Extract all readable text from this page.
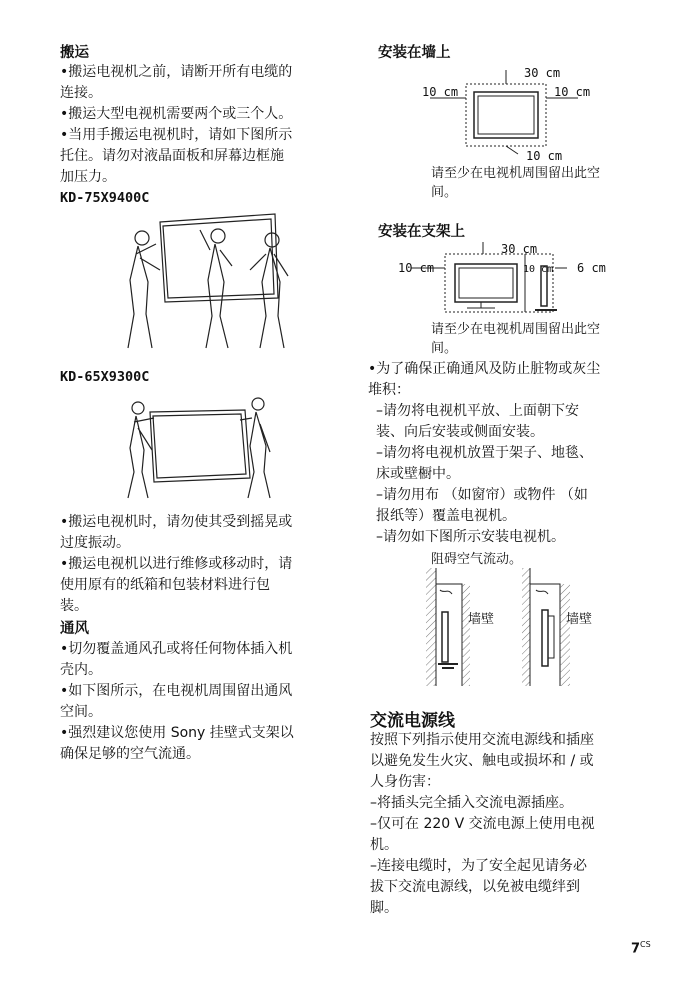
搬运
•搬运电视机之前，请断开所有电缆的
连接。
•搬运大型电视机需要两个或三个人。
•当用手搬运电视机时，请如下图所示
托住。请勿对液晶面板和屏幕边框施
加压力。
KD-75X9400C
KD-65X9300C
•搬运电视机时，请勿使其受到摇晃或
过度振动。
•搬运电视机以进行维修或移动时，请
使用原有的纸箱和包装材料进行包
装。
通风
•切勿覆盖通风孔或将任何物体插入机
壳内。
•如下图所示，在电视机周围留出通风
空间。
•强烈建议您使用 Sony 挂壁式支架以
确保足够的空气流通。
安装在墙上
30 cm
10 cm	10 cm
10 cm
请至少在电视机周围留出此空
间。
安装在支架上
30 cm
10 cm	10 cm 6 cm
请至少在电视机周围留出此空
间。
•为了确保正确通风及防止脏物或灰尘
堆积：
–请勿将电视机平放、上面朝下安
装、向后安装或侧面安装。
–请勿将电视机放置于架子、地毯、
床或壁橱中。
–请勿用布 （如窗帘）或物件 （如
报纸等）覆盖电视机。
–请勿如下图所示安装电视机。
阻碍空气流动。
墙壁	墙壁
交流电源线
按照下列指示使用交流电源线和插座
以避免发生火灾、触电或损坏和 / 或
人身伤害：
–将插头完全插入交流电源插座。
–仅可在 220 V 交流电源上使用电视
机。
–连接电缆时，为了安全起见请务必
拔下交流电源线，以免被电缆绊到
脚。
$7^{CS}$
